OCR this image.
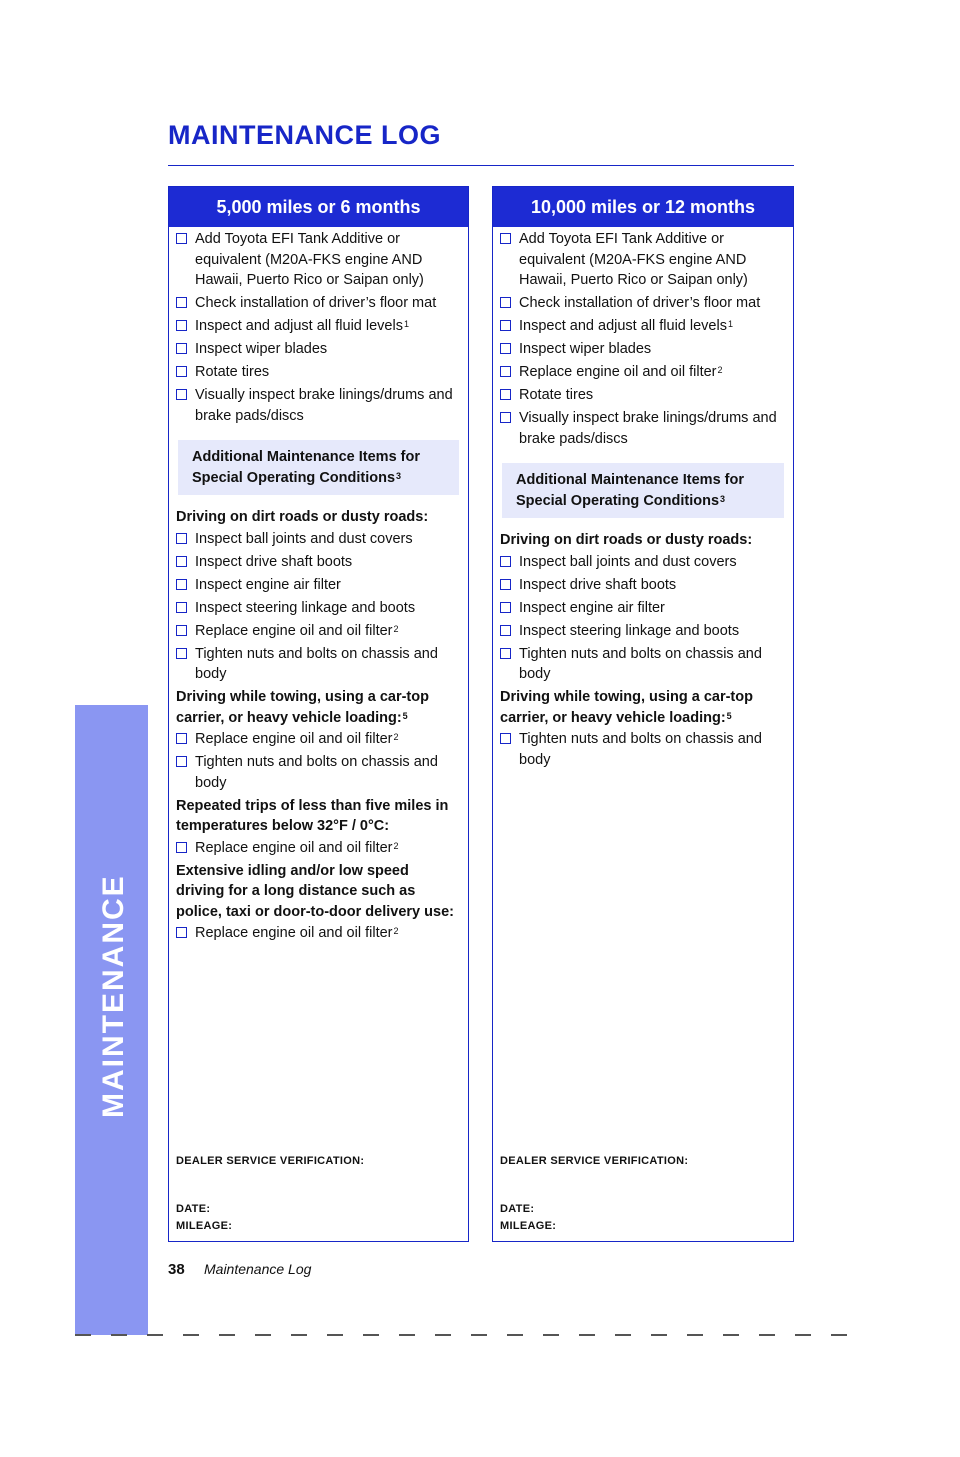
MAINTENANCE
MAINTENANCE LOG
5,000 miles or 6 months
Add Toyota EFI Tank Additive or equivalent (M20A-FKS engine AND Hawaii, Puerto Rico or Saipan only)
Check installation of driver’s floor mat
Inspect and adjust all fluid levels$^1$
Inspect wiper blades
Rotate tires
Visually inspect brake linings/drums and brake pads/discs
Additional Maintenance Items for
Special Operating Conditions$^3$
Driving on dirt roads or dusty roads:
Inspect ball joints and dust covers
Inspect drive shaft boots
Inspect engine air filter
Inspect steering linkage and boots
Replace engine oil and oil filter$^2$
Tighten nuts and bolts on chassis and body
Driving while towing, using a car-top carrier, or heavy vehicle loading:$^5$
Replace engine oil and oil filter$^2$
Tighten nuts and bolts on chassis and body
Repeated trips of less than five miles in temperatures below 32°F / 0°C:
Replace engine oil and oil filter$^2$
Extensive idling and/or low speed driving for a long distance such as police, taxi or door-to-door delivery use:
Replace engine oil and oil filter$^2$
DEALER SERVICE VERIFICATION:
DATE:
MILEAGE:
10,000 miles or 12 months
Add Toyota EFI Tank Additive or equivalent (M20A-FKS engine AND Hawaii, Puerto Rico or Saipan only)
Check installation of driver’s floor mat
Inspect and adjust all fluid levels$^1$
Inspect wiper blades
Replace engine oil and oil filter$^2$
Rotate tires
Visually inspect brake linings/drums and brake pads/discs
Additional Maintenance Items for
Special Operating Conditions$^3$
Driving on dirt roads or dusty roads:
Inspect ball joints and dust covers
Inspect drive shaft boots
Inspect engine air filter
Inspect steering linkage and boots
Tighten nuts and bolts on chassis and body
Driving while towing, using a car-top carrier, or heavy vehicle loading:$^5$
Tighten nuts and bolts on chassis and body
DEALER SERVICE VERIFICATION:
DATE:
MILEAGE:
38 Maintenance Log
